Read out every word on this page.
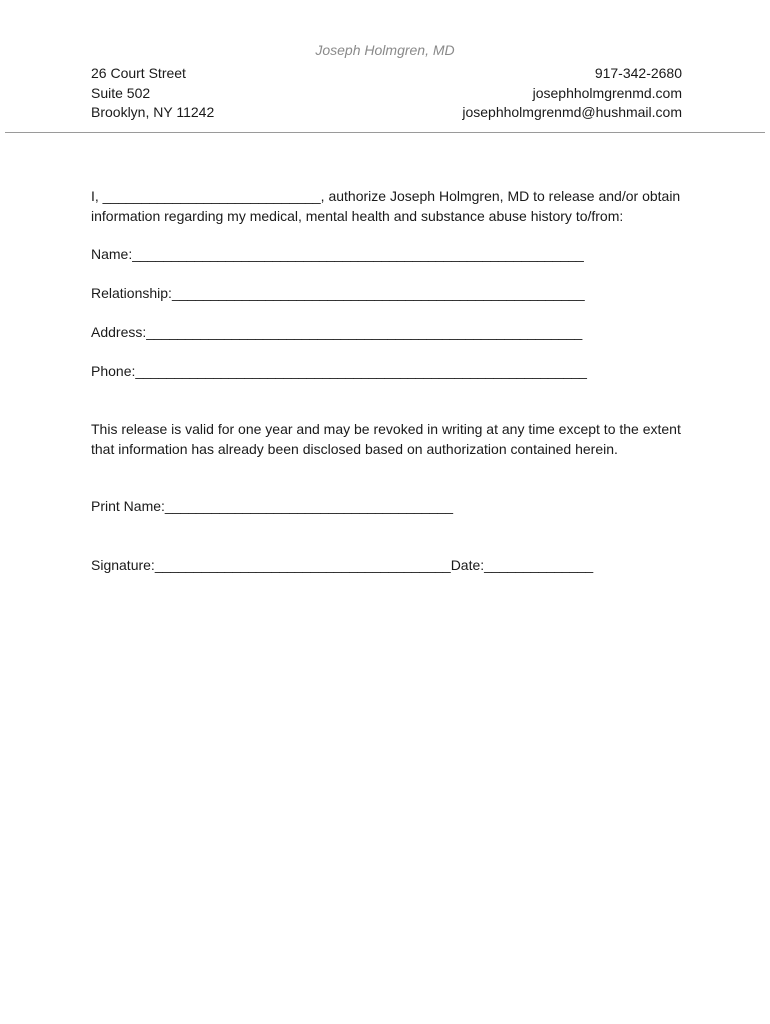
Joseph Holmgren, MD
26 Court Street
Suite 502
Brooklyn, NY 11242
917-342-2680
josephholmgrenmd.com
josephholmgrenmd@hushmail.com
I, ____________________________, authorize Joseph Holmgren, MD to release and/or obtain
information regarding my medical, mental health and substance abuse history to/from:
Name:__________________________________________________________
Relationship:_____________________________________________________
Address:________________________________________________________
Phone:__________________________________________________________
This release is valid for one year and may be revoked in writing at any time except to the extent
that information has already been disclosed based on authorization contained herein.
Print Name:_____________________________________
Signature:______________________________________Date:______________
